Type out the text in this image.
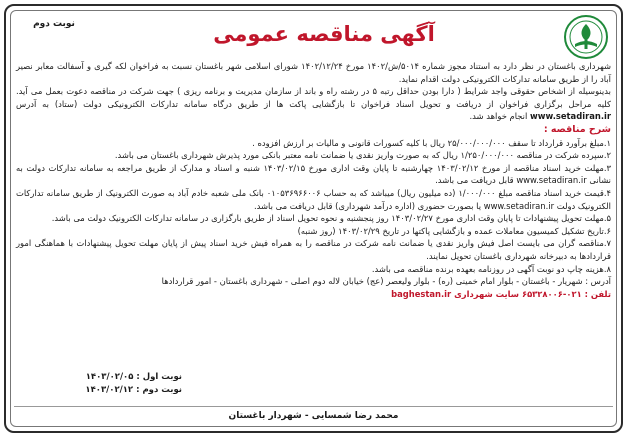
نوبت دوم	آگهی مناقصه عمومی

شهرداری باغستان در نظر دارد به استناد مجوز شماره ۵۰۱۴/ش/۱۴۰۲ مورخ ۱۴۰۲/۱۲/۲۴ شورای اسلامی شهر باغستان نسبت به فراخوان لکه گیری و آسفالت معابر نصیر آباد را از طریق سامانه تدارکات الکترونیکی دولت اقدام نماید.

بدینوسیله از اشخاص حقوقی واجد شرایط ( دارا بودن حداقل رتبه ۵ در رشته راه و باند از سازمان مدیریت و برنامه ریزی ) جهت شرکت در مناقصه دعوت بعمل می آید. کلیه مراحل برگزاری فراخوان از دریافت و تحویل اسناد فراخوان تا بازگشایی پاکت ها از طریق درگاه سامانه تدارکات الکترونیکی دولت (ستاد) به آدرس www.setadiran.ir انجام خواهد شد.

شرح مناقصه :

۱.مبلغ برآورد قرارداد تا سقف ۲۵/۰۰۰/۰۰۰/۰۰۰ ریال با کلیه کسورات قانونی و مالیات بر ارزش افزوده .

۲.سپرده شرکت در مناقصه ۱/۲۵۰/۰۰۰/۰۰۰ ریال که به صورت واریز نقدی یا ضمانت نامه معتبر بانکی مورد پذیرش شهرداری باغستان می باشد.

۳.مهلت خرید اسناد مناقصه از مورخ ۱۴۰۳/۰۲/۱۲ چهارشنبه تا پایان وقت اداری مورخ ۱۴۰۳/۰۲/۱۵ شنبه و اسناد و مدارک از طریق مراجعه به سامانه تدارکات دولت به نشانی www.setadiran.ir قابل دریافت می باشد.

۴.قیمت خرید اسناد مناقصه مبلغ ۱/۰۰۰/۰۰۰ (ده میلیون ریال) میباشد که به حساب ۰۱۰۵۳۶۹۶۶۰۰۶ بانک ملی شعبه خادم آباد به صورت الکترونیک از طریق سامانه تدارکات الکترونیک دولت www.setadiran.ir یا بصورت حضوری (اداره درآمد شهرداری) قابل دریافت می باشد.

۵.مهلت تحویل پیشنهادات تا پایان وقت اداری مورخ ۱۴۰۳/۰۲/۲۷ روز پنجشنبه و نحوه تحویل اسناد از طریق بارگزاری در سامانه تدارکات الکترونیک دولت می باشد.

۶.تاریخ تشکیل کمیسیون معاملات عمده و بازگشایی پاکتها در تاریخ ۱۴۰۳/۰۲/۲۹ (روز شنبه)

۷.مناقصه گران می بایست اصل فیش واریز نقدی یا ضمانت نامه شرکت در مناقصه را به همراه فیش خرید اسناد پیش از پایان مهلت تحویل پیشنهادات با هماهنگی امور قراردادها به دبیرخانه شهرداری باغستان تحویل نمایند.

۸.هزینه چاپ دو نوبت آگهی در روزنامه بعهده برنده مناقصه می باشد.

آدرس : شهریار - باغستان - بلوار امام خمینی (ره) - بلوار ولیعصر (عج) خیابان لاله دوم اصلی - شهرداری باغستان - امور قراردادها

تلفن : ۰۲۱-۶۵۳۲۸۰۰۶ سایت شهرداری baghestan.ir

نوبت اول : ۱۴۰۳/۰۲/۰۵
نوبت دوم : ۱۴۰۳/۰۲/۱۲
محمد رضا شمسایی - شهردار باغستان
